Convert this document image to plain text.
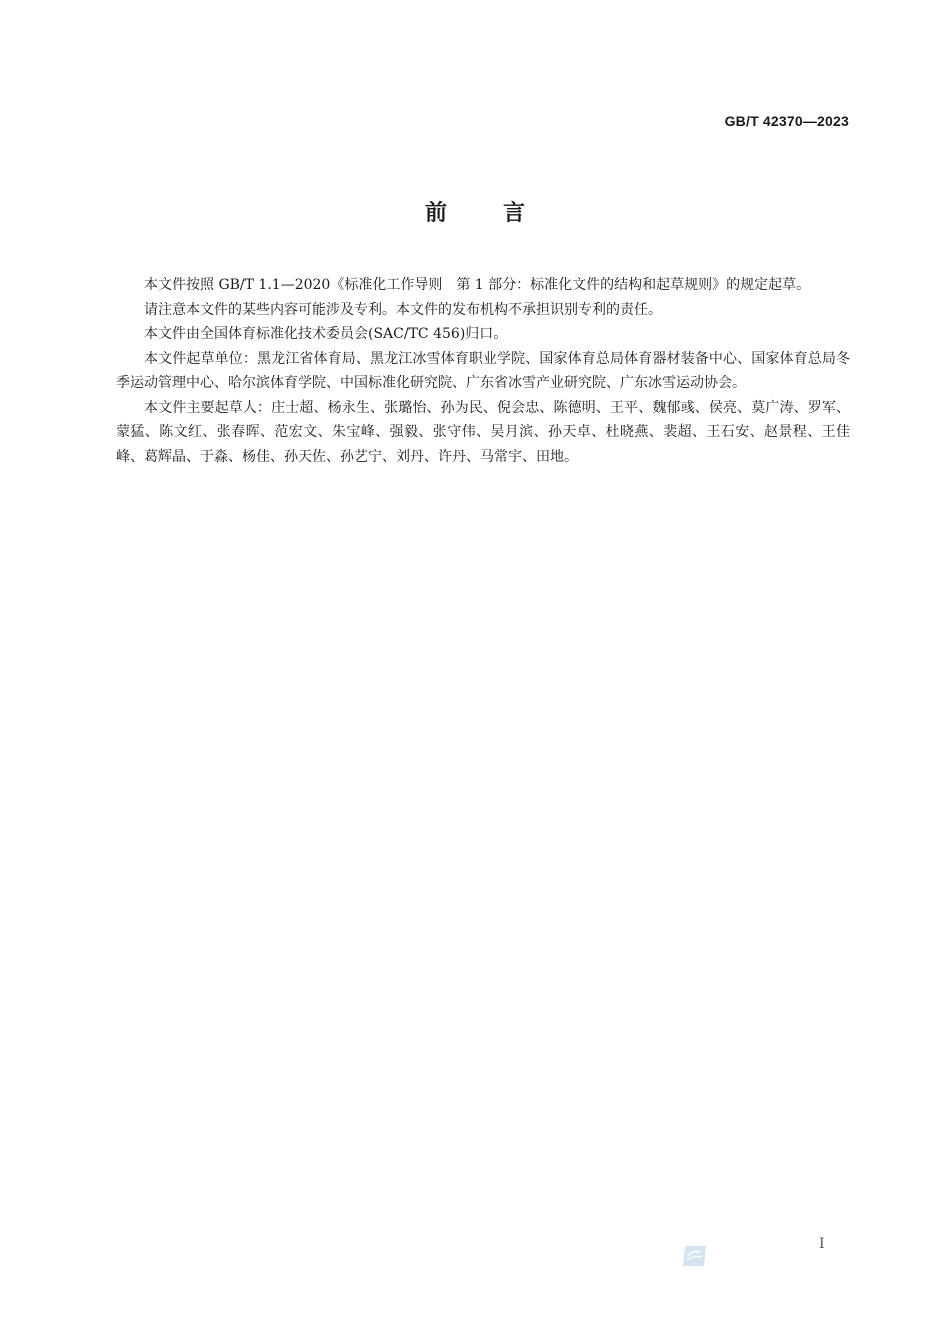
GB/T 42370—2023
前言

本文件按照 GB/T 1.1—2020《标准化工作导则　第 1 部分：标准化文件的结构和起草规则》的规定起草。

请注意本文件的某些内容可能涉及专利。本文件的发布机构不承担识别专利的责任。

本文件由全国体育标准化技术委员会(SAC/TC 456)归口。

本文件起草单位：黑龙江省体育局、黑龙江冰雪体育职业学院、国家体育总局体育器材装备中心、国家体育总局冬季运动管理中心、哈尔滨体育学院、中国标准化研究院、广东省冰雪产业研究院、广东冰雪运动协会。

本文件主要起草人：庄士超、杨永生、张璐怡、孙为民、倪会忠、陈德明、王平、魏郁彧、侯亮、莫广涛、罗军、蒙猛、陈文红、张春晖、范宏文、朱宝峰、强毅、张守伟、吴月滨、孙天卓、杜晓燕、裴超、王石安、赵景程、王佳峰、葛辉晶、于淼、杨佳、孙天佐、孙艺宁、刘丹、许丹、马常宇、田地。

I
